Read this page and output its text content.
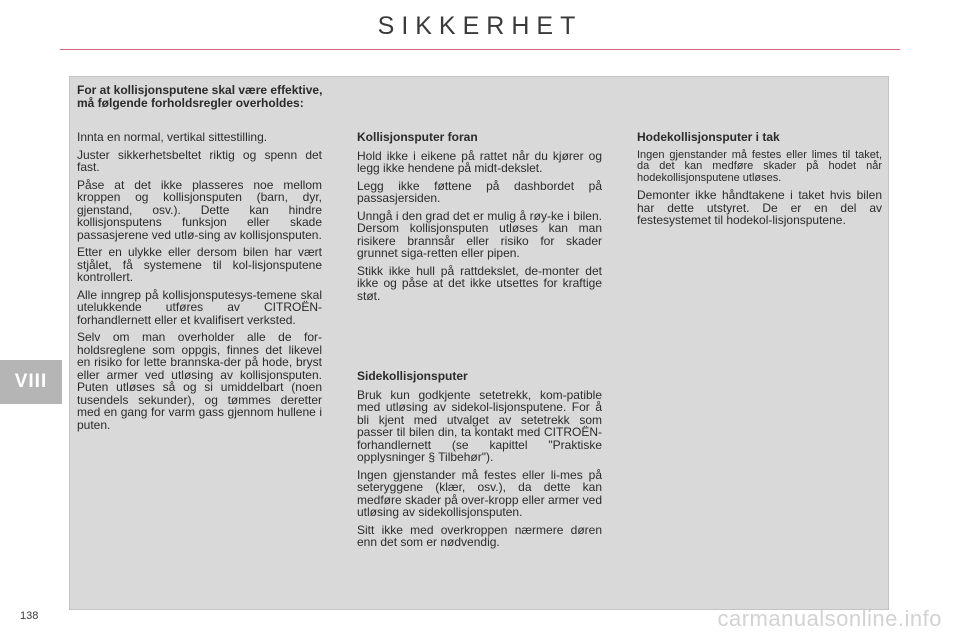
SIKKERHET
VIII
For at kollisjonsputene skal være effektive, må følgende forholdsregler overholdes:

Innta en normal, vertikal sittestilling.

Juster sikkerhetsbeltet riktig og spenn det fast.

Påse at det ikke plasseres noe mellom kroppen og kollisjonsputen (barn, dyr, gjenstand, osv.). Dette kan hindre kollisjonsputens funksjon eller skade passasjerene ved utlø-sing av kollisjonsputen.

Etter en ulykke eller dersom bilen har vært stjålet, få systemene til kol-lisjonsputene kontrollert.

Alle inngrep på kollisjonsputesys-temene skal utelukkende utføres av CITROËN-forhandlernett eller et kvalifisert verksted.

Selv om man overholder alle de for-holdsreglene som oppgis, finnes det likevel en risiko for lette brannska-der på hode, bryst eller armer ved utløsing av kollisjonsputen. Puten utløses så og si umiddelbart (noen tusendels sekunder), og tømmes deretter med en gang for varm gass gjennom hullene i puten.

Kollisjonsputer foran

Hold ikke i eikene på rattet når du kjører og legg ikke hendene på midt-dekslet.

Legg ikke føttene på dashbordet på passasjersiden.

Unngå i den grad det er mulig å røy-ke i bilen. Dersom kollisjonsputen utløses kan man risikere brannsår eller risiko for skader grunnet siga-retten eller pipen.

Stikk ikke hull på rattdekslet, de-monter det ikke og påse at det ikke utsettes for kraftige støt.

Sidekollisjonsputer

Bruk kun godkjente setetrekk, kom-patible med utløsing av sidekol-lisjonsputene. For å bli kjent med utvalget av setetrekk som passer til bilen din, ta kontakt med CITROËN-forhandlernett (se kapittel "Praktiske opplysninger § Tilbehør").

Ingen gjenstander må festes eller li-mes på seteryggene (klær, osv.), da dette kan medføre skader på over-kropp eller armer ved utløsing av sidekollisjonsputen.

Sitt ikke med overkroppen nærmere døren enn det som er nødvendig.

Hodekollisjonsputer i tak

Ingen gjenstander må festes eller limes til taket, da det kan medføre skader på hodet når hodekollisjonsputene utløses.

Demonter ikke håndtakene i taket hvis bilen har dette utstyret. De er en del av festesystemet til hodekol-lisjonsputene.

138	carmanualsonline.info
